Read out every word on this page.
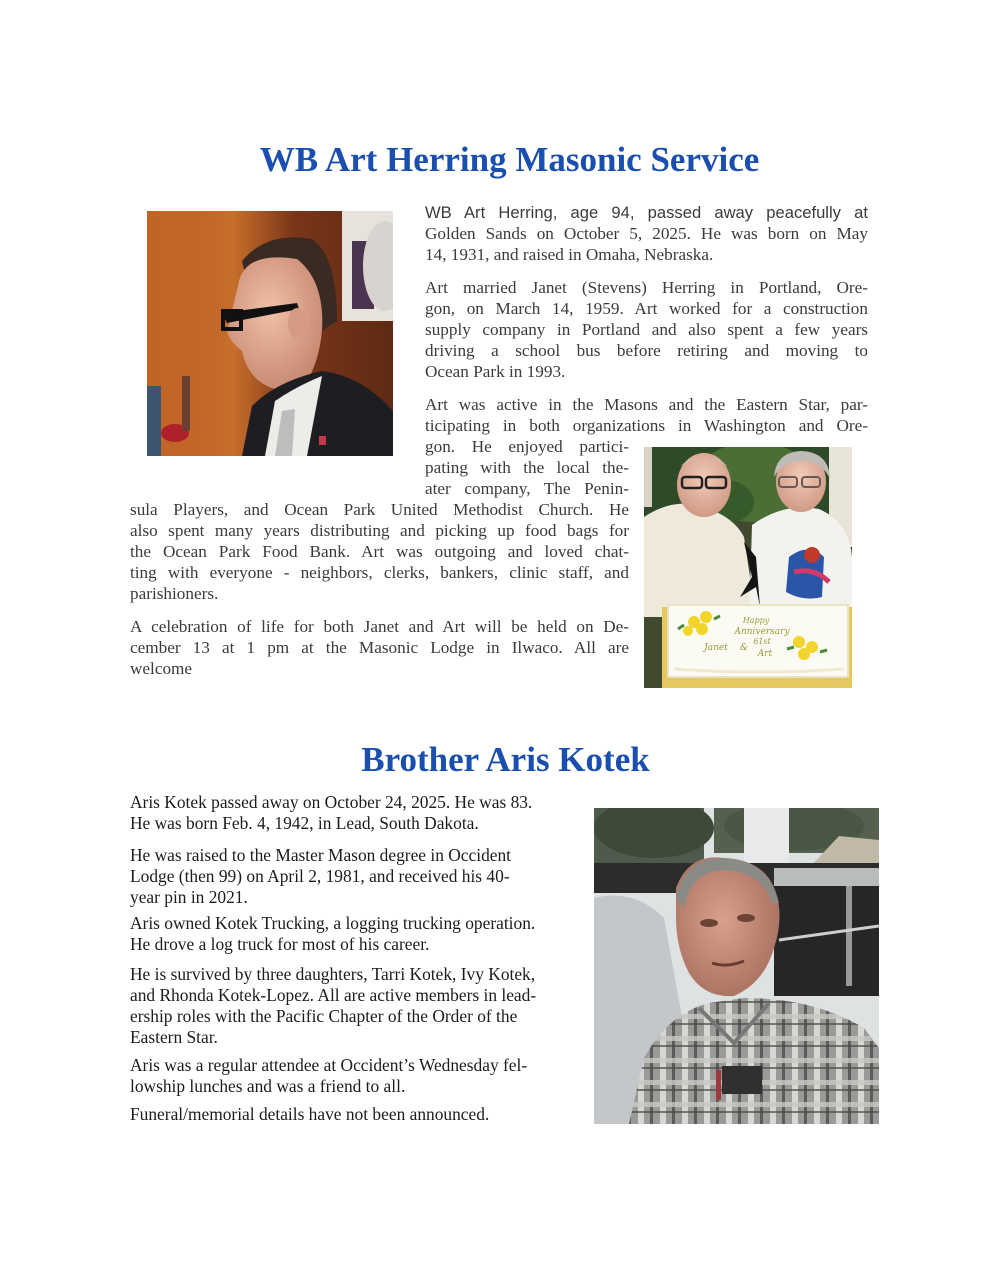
WB Art Herring Masonic Service
WB Art Herring, age 94, passed away peacefully at
Golden Sands on October 5, 2025. He was born on May
14, 1931, and raised in Omaha, Nebraska.
Art married Janet (Stevens) Herring in Portland, Ore-
gon, on March 14, 1959. Art worked for a construction
supply company in Portland and also spent a few years
driving a school bus before retiring and moving to
Ocean Park in 1993.
Art was active in the Masons and the Eastern Star, par-
ticipating in both organizations in Washington and Ore-
gon. He enjoyed partici-
pating with the local the-
ater company, The Penin-
sula Players, and Ocean Park United Methodist Church. He
also spent many years distributing and picking up food bags for
the Ocean Park Food Bank. Art was outgoing and loved chat-
ting with everyone - neighbors, clerks, bankers, clinic staff, and
parishioners.
A celebration of life for both Janet and Art will be held on De-
cember 13 at 1 pm at the Masonic Lodge in Ilwaco. All are
welcome
Happy
Anniversary
61st
Janet &
Art
Brother Aris Kotek
Aris Kotek passed away on October 24, 2025. He was 83.
He was born Feb. 4, 1942, in Lead, South Dakota.
He was raised to the Master Mason degree in Occident
Lodge (then 99) on April 2, 1981, and received his 40-
year pin in 2021.
Aris owned Kotek Trucking, a logging trucking operation.
He drove a log truck for most of his career.
He is survived by three daughters, Tarri Kotek, Ivy Kotek,
and Rhonda Kotek-Lopez. All are active members in lead-
ership roles with the Pacific Chapter of the Order of the
Eastern Star.
Aris was a regular attendee at Occident’s Wednesday fel-
lowship lunches and was a friend to all.
Funeral/memorial details have not been announced.
